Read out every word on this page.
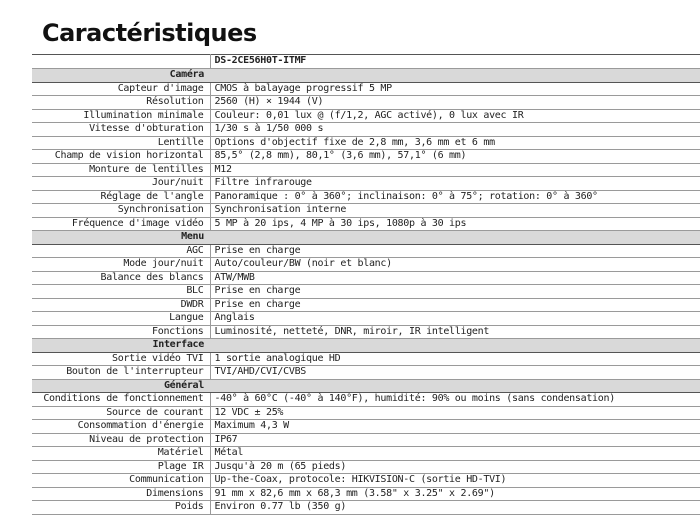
Caractéristiques
	DS-2CE56H0T-ITMF
Caméra	
Capteur d'image	CMOS à balayage progressif 5 MP
Résolution	2560 (H) × 1944 (V)
Illumination minimale	Couleur: 0,01 lux @ (f/1,2, AGC activé), 0 lux avec IR
Vitesse d'obturation	1/30 s à 1/50 000 s
Lentille	Options d'objectif fixe de 2,8 mm, 3,6 mm et 6 mm
Champ de vision horizontal	85,5° (2,8 mm), 80,1° (3,6 mm), 57,1° (6 mm)
Monture de lentilles	M12
Jour/nuit	Filtre infrarouge
Réglage de l'angle	Panoramique : 0° à 360°; inclinaison: 0° à 75°; rotation: 0° à 360°
Synchronisation	Synchronisation interne
Fréquence d'image vidéo	5 MP à 20 ips, 4 MP à 30 ips, 1080p à 30 ips
Menu	
AGC	Prise en charge
Mode jour/nuit	Auto/couleur/BW (noir et blanc)
Balance des blancs	ATW/MWB
BLC	Prise en charge
DWDR	Prise en charge
Langue	Anglais
Fonctions	Luminosité, netteté, DNR, miroir, IR intelligent
Interface	
Sortie vidéo TVI	1 sortie analogique HD
Bouton de l'interrupteur	TVI/AHD/CVI/CVBS
Général	
Conditions de fonctionnement	-40° à 60°C (-40° à 140°F), humidité: 90% ou moins (sans condensation)
Source de courant	12 VDC ± 25%
Consommation d'énergie	Maximum 4,3 W
Niveau de protection	IP67
Matériel	Métal
Plage IR	Jusqu'à 20 m (65 pieds)
Communication	Up-the-Coax, protocole: HIKVISION-C (sortie HD-TVI)
Dimensions	91 mm x 82,6 mm x 68,3 mm (3.58" x 3.25" x 2.69")
Poids	Environ 0.77 lb (350 g)
